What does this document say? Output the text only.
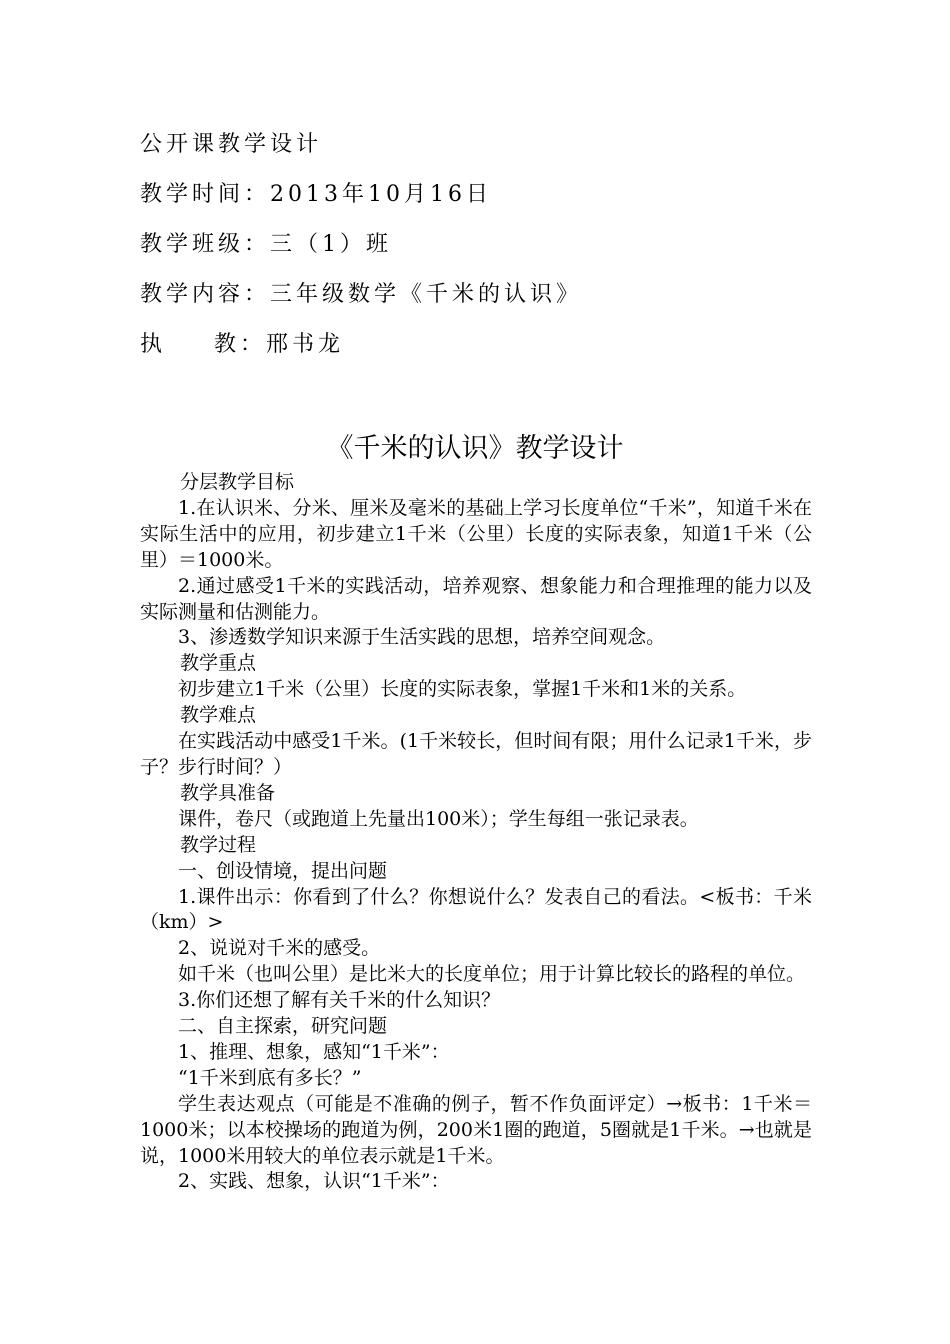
公开课教学设计
教学时间：2013年10月16日
教学班级：三（1）班
教学内容：三年级数学《千米的认识》
执 教：邢书龙
《千米的认识》教学设计

分层教学目标

1.在认识米、分米、厘米及毫米的基础上学习长度单位“千米”，知道千米在实际生活中的应用，初步建立1千米（公里）长度的实际表象，知道1千米（公里）＝1000米。

2.通过感受1千米的实践活动，培养观察、想象能力和合理推理的能力以及实际测量和估测能力。

3、渗透数学知识来源于生活实践的思想，培养空间观念。

教学重点

初步建立1千米（公里）长度的实际表象，掌握1千米和1米的关系。

教学难点

在实践活动中感受1千米。(1千米较长，但时间有限；用什么记录1千米，步子？步行时间？）

教学具准备

课件，卷尺（或跑道上先量出100米）；学生每组一张记录表。

教学过程

一、创设情境，提出问题

1.课件出示：你看到了什么？你想说什么？发表自己的看法。<板书：千米（km）>

2、说说对千米的感受。

如千米（也叫公里）是比米大的长度单位；用于计算比较长的路程的单位。

3.你们还想了解有关千米的什么知识？

二、自主探索，研究问题

1、推理、想象，感知“1千米”：

“1千米到底有多长？”

学生表达观点（可能是不准确的例子，暂不作负面评定）→板书：1千米＝1000米；以本校操场的跑道为例，200米1圈的跑道，5圈就是1千米。→也就是说，1000米用较大的单位表示就是1千米。

2、实践、想象，认识“1千米”：
